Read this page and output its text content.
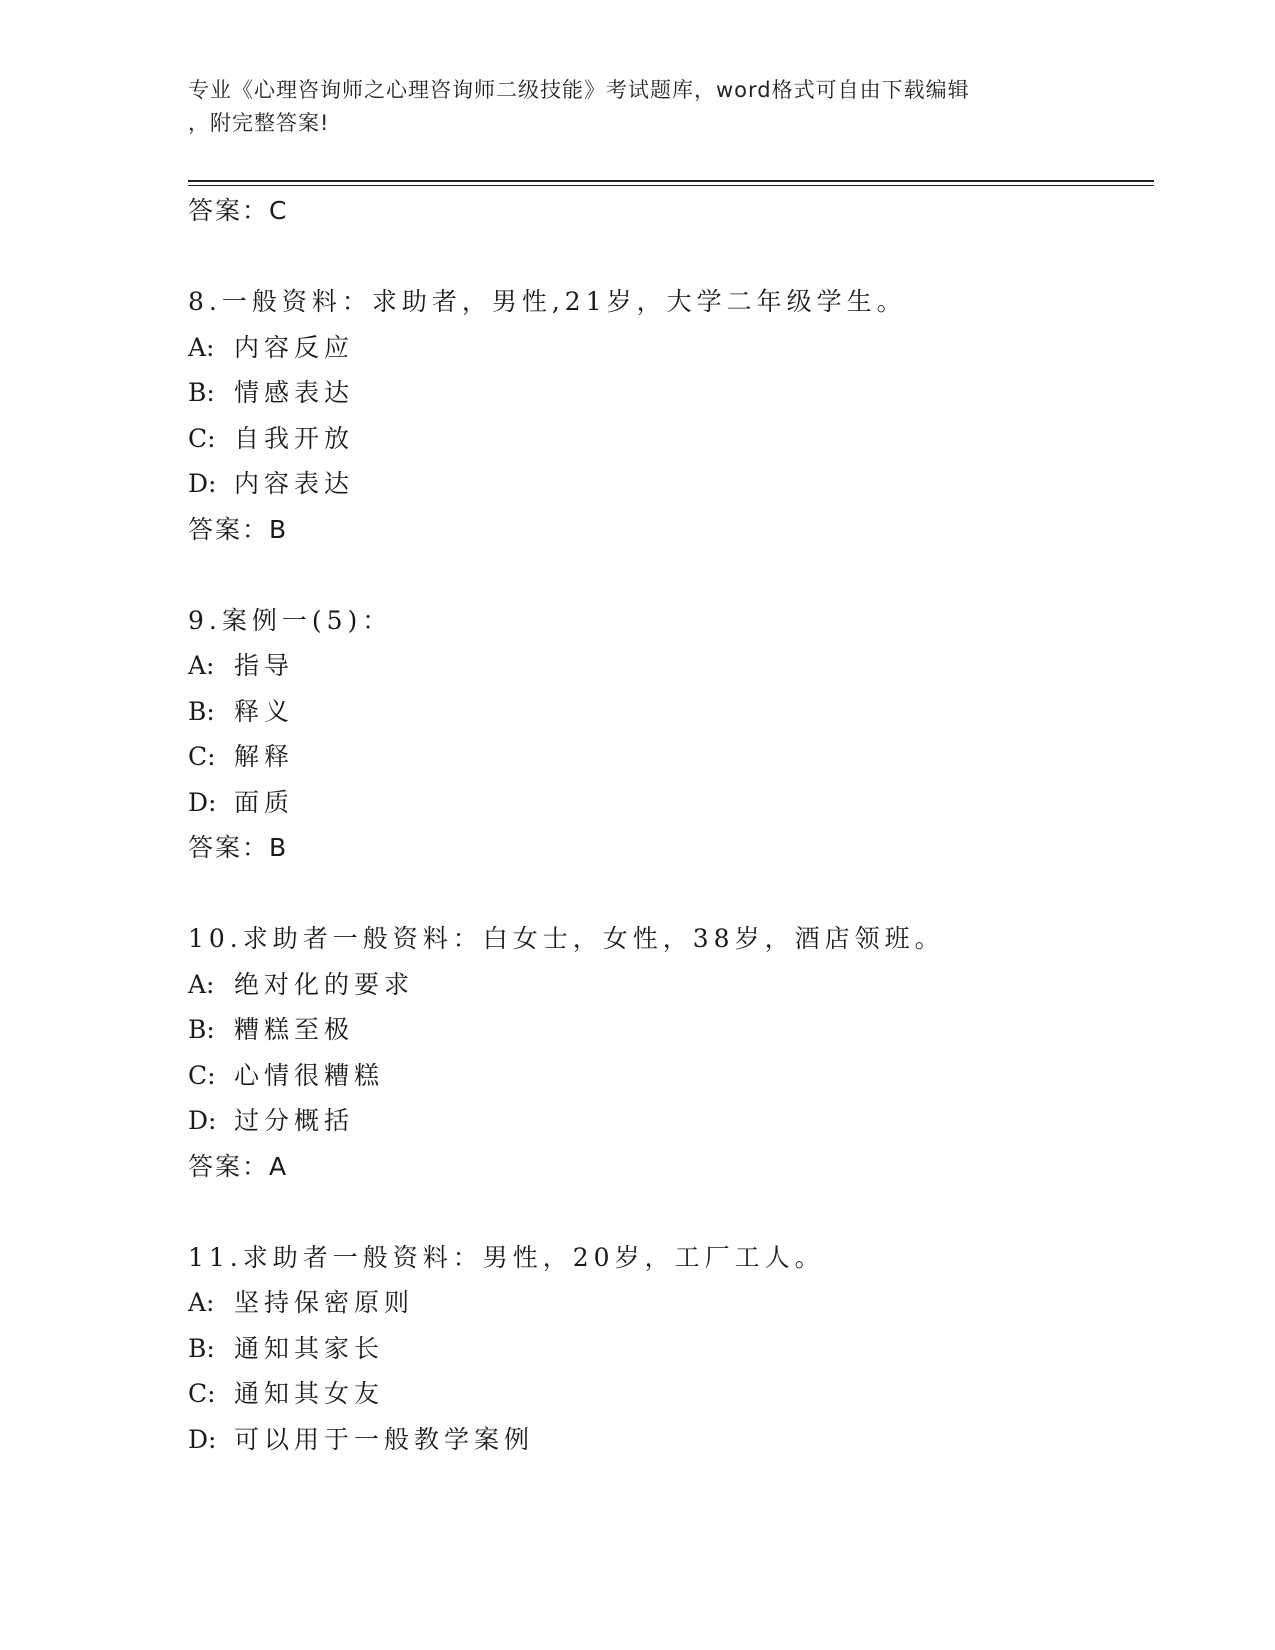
专业《心理咨询师之心理咨询师二级技能》考试题库，word格式可自由下载编辑
，附完整答案!
答案：C
8.一般资料：求助者，男性,21岁，大学二年级学生。
A: 内容反应
B: 情感表达
C: 自我开放
D: 内容表达
答案：B
9.案例一(5)：
A: 指导
B: 释义
C: 解释
D: 面质
答案：B
10.求助者一般资料：白女士，女性，38岁，酒店领班。
A: 绝对化的要求
B: 糟糕至极
C: 心情很糟糕
D: 过分概括
答案：A
11.求助者一般资料：男性，20岁，工厂工人。
A: 坚持保密原则
B: 通知其家长
C: 通知其女友
D: 可以用于一般教学案例
